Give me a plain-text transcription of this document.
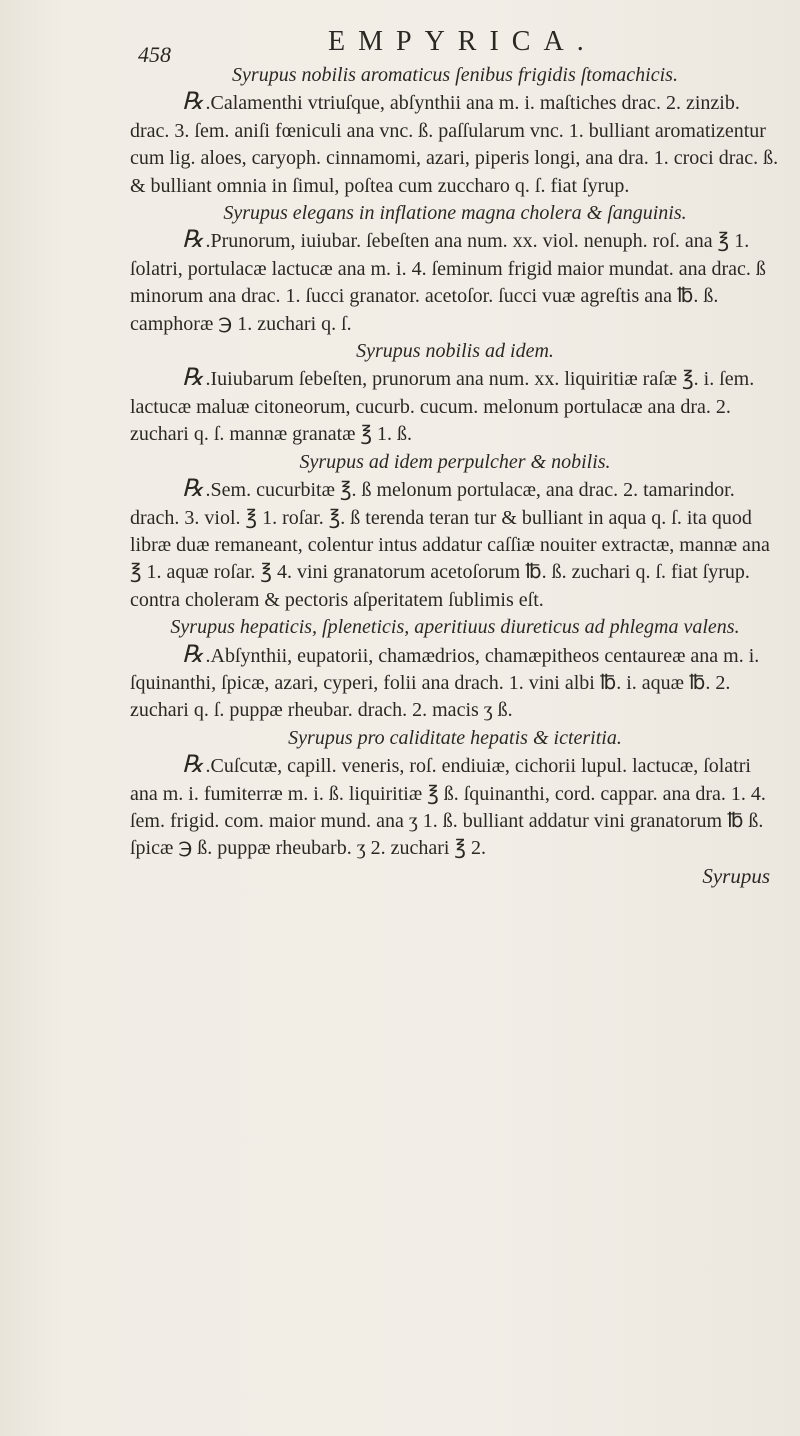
458	EMPYRICA.

Syrupus nobilis aromaticus ſenibus frigidis ſtomachicis.

℞ .Calamenthi vtriuſque, abſynthii ana m. i. maſtiches drac. 2. zinzib. drac. 3. ſem. aniſi fœniculi ana vnc. ß. paſſularum vnc. 1. bulliant aromatizentur cum lig. aloes, caryoph. cinnamomi, azari, piperis longi, ana dra. 1. croci drac. ß. & bulliant omnia in ſimul, poſtea cum zuccharo q. ſ. fiat ſyrup.

Syrupus elegans in inflatione magna cholera & ſanguinis.

℞ .Prunorum, iuiubar. ſebeſten ana num. xx. viol. nenuph. roſ. ana ℥ 1. ſolatri, portulacæ lactucæ ana m. i. 4. ſeminum frigid maior mundat. ana drac. ß minorum ana drac. 1. ſucci granator. acetoſor. ſucci vuæ agreſtis ana ℔. ß. camphoræ ℈ 1. zuchari q. ſ.

Syrupus nobilis ad idem.

℞ .Iuiubarum ſebeſten, prunorum ana num. xx. liquiritiæ raſæ ℥. i. ſem. lactucæ maluæ citoneorum, cucurb. cucum. melonum portulacæ ana dra. 2. zuchari q. ſ. mannæ granatæ ℥ 1. ß.

Syrupus ad idem perpulcher & nobilis.

℞ .Sem. cucurbitæ ℥. ß melonum portulacæ, ana drac. 2. tamarindor. drach. 3. viol. ℥ 1. roſar. ℥. ß terenda teran tur & bulliant in aqua q. ſ. ita quod libræ duæ remaneant, colentur intus addatur caſſiæ nouiter extractæ, mannæ ana ℥ 1. aquæ roſar. ℥ 4. vini granatorum acetoſorum ℔. ß. zuchari q. ſ. fiat ſyrup. contra choleram & pectoris aſperitatem ſublimis eſt.

Syrupus hepaticis, ſpleneticis, aperitiuus diureticus ad phlegma valens.

℞ .Abſynthii, eupatorii, chamædrios, chamæpitheos centaureæ ana m. i. ſquinanthi, ſpicæ, azari, cyperi, folii ana drach. 1. vini albi ℔. i. aquæ ℔. 2. zuchari q. ſ. puppæ rheubar. drach. 2. macis ʒ ß.

Syrupus pro caliditate hepatis & icteritia.

℞ .Cuſcutæ, capill. veneris, roſ. endiuiæ, cichorii lupul. lactucæ, ſolatri ana m. i. fumiterræ m. i. ß. liquiritiæ ℥ ß. ſquinanthi, cord. cappar. ana dra. 1. 4. ſem. frigid. com. maior mund. ana ʒ 1. ß. bulliant addatur vini granatorum ℔ ß. ſpicæ ℈ ß. puppæ rheubarb. ʒ 2. zuchari ℥ 2.

Syrupus
